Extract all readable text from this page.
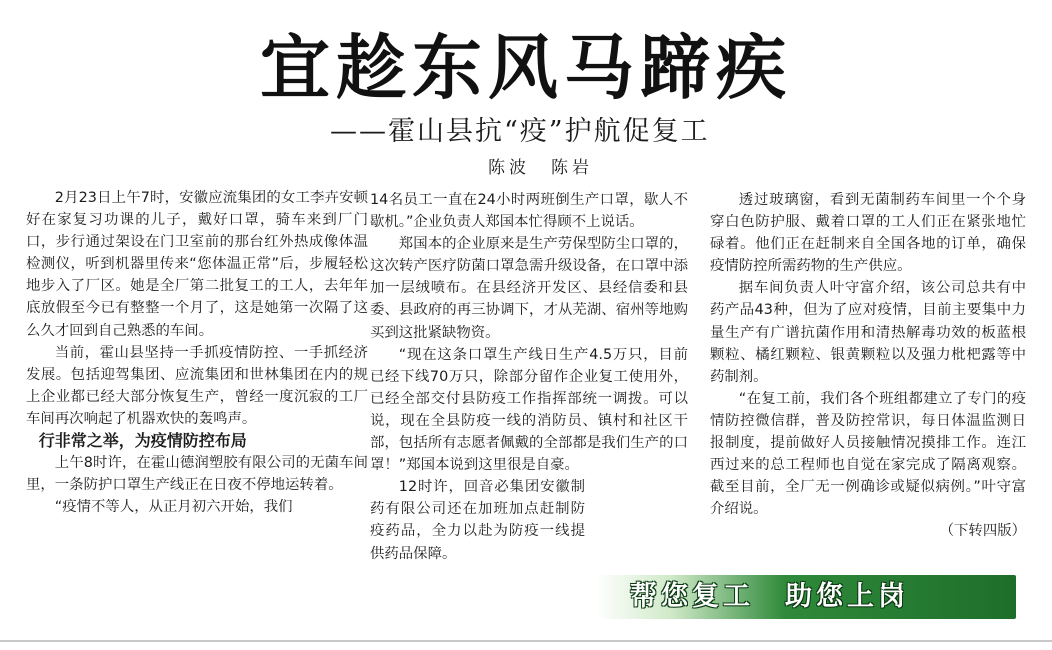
宜趁东风马蹄疾
——霍山县抗“疫”护航促复工
陈波　陈岩

2月23日上午7时，安徽应流集团的女工李卉安顿好在家复习功课的儿子，戴好口罩，骑车来到厂门口，步行通过架设在门卫室前的那台红外热成像体温检测仪，听到机器里传来“您体温正常”后，步履轻松地步入了厂区。她是全厂第二批复工的工人，去年年底放假至今已有整整一个月了，这是她第一次隔了这么久才回到自己熟悉的车间。

当前，霍山县坚持一手抓疫情防控、一手抓经济发展。包括迎驾集团、应流集团和世林集团在内的规上企业都已经大部分恢复生产，曾经一度沉寂的工厂车间再次响起了机器欢快的轰鸣声。

行非常之举，为疫情防控布局

上午8时许，在霍山德润塑胶有限公司的无菌车间里，一条防护口罩生产线正在日夜不停地运转着。

“疫情不等人，从正月初六开始，我们

14名员工一直在24小时两班倒生产口罩，歇人不歇机。”企业负责人郑国本忙得顾不上说话。

郑国本的企业原来是生产劳保型防尘口罩的，这次转产医疗防菌口罩急需升级设备，在口罩中添加一层绒喷布。在县经济开发区、县经信委和县委、县政府的再三协调下，才从芜湖、宿州等地购买到这批紧缺物资。

“现在这条口罩生产线日生产4.5万只，目前已经下线70万只，除部分留作企业复工使用外，已经全部交付县防疫工作指挥部统一调拨。可以说，现在全县防疫一线的消防员、镇村和社区干部，包括所有志愿者佩戴的全部都是我们生产的口罩！”郑国本说到这里很是自豪。

12时许，回音必集团安徽制药有限公司还在加班加点赶制防疫药品，全力以赴为防疫一线提供药品保障。

透过玻璃窗，看到无菌制药车间里一个个身穿白色防护服、戴着口罩的工人们正在紧张地忙碌着。他们正在赶制来自全国各地的订单，确保疫情防控所需药物的生产供应。

据车间负责人叶守富介绍，该公司总共有中药产品43种，但为了应对疫情，目前主要集中力量生产有广谱抗菌作用和清热解毒功效的板蓝根颗粒、橘红颗粒、银黄颗粒以及强力枇杷露等中药制剂。

“在复工前，我们各个班组都建立了专门的疫情防控微信群，普及防控常识，每日体温监测日报制度，提前做好人员接触情况摸排工作。连江西过来的总工程师也自觉在家完成了隔离观察。截至目前，全厂无一例确诊或疑似病例。”叶守富介绍说。

（下转四版）

帮您复工　助您上岗
